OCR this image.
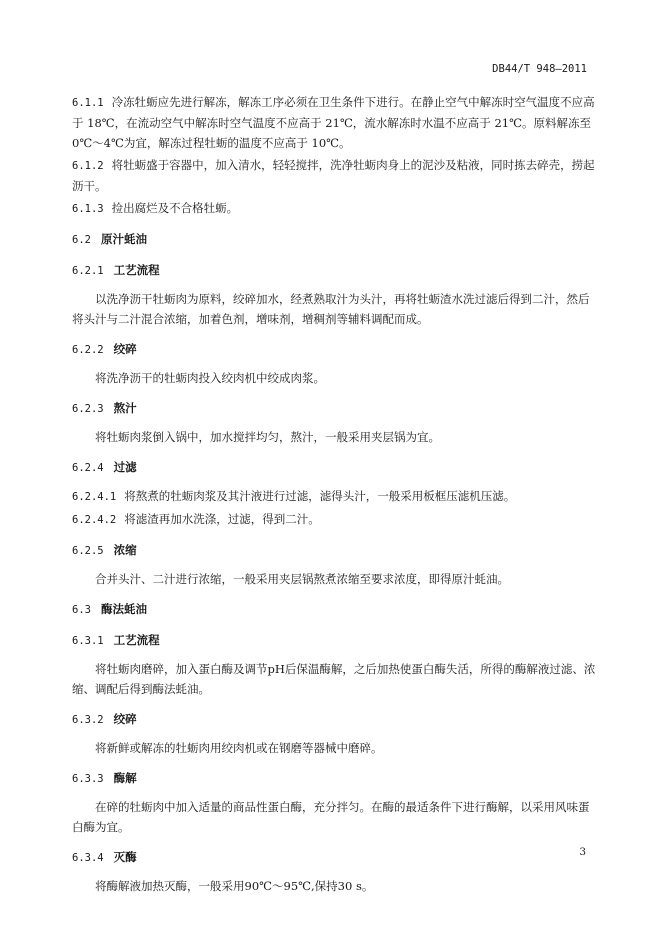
DB44/T 948—2011
6.1.1 冷冻牡蛎应先进行解冻，解冻工序必须在卫生条件下进行。在静止空气中解冻时空气温度不应高于 18℃，在流动空气中解冻时空气温度不应高于 21℃，流水解冻时水温不应高于 21℃。原料解冻至 0℃～4℃为宜，解冻过程牡蛎的温度不应高于 10℃。
6.1.2 将牡蛎盛于容器中，加入清水，轻轻搅拌，洗净牡蛎肉身上的泥沙及粘液，同时拣去碎壳，捞起沥干。
6.1.3 捡出腐烂及不合格牡蛎。
6.2 原汁蚝油
6.2.1 工艺流程
以洗净沥干牡蛎肉为原料，绞碎加水，经煮熟取汁为头汁，再将牡蛎渣水洗过滤后得到二汁，然后将头汁与二汁混合浓缩，加着色剂，增味剂，增稠剂等辅料调配而成。
6.2.2 绞碎
将洗净沥干的牡蛎肉投入绞肉机中绞成肉浆。
6.2.3 熬汁
将牡蛎肉浆倒入锅中，加水搅拌均匀，熬汁，一般采用夹层锅为宜。
6.2.4 过滤
6.2.4.1 将熬煮的牡蛎肉浆及其汁液进行过滤，滤得头汁，一般采用板框压滤机压滤。
6.2.4.2 将滤渣再加水洗涤，过滤，得到二汁。
6.2.5 浓缩
合并头汁、二汁进行浓缩，一般采用夹层锅熬煮浓缩至要求浓度，即得原汁蚝油。
6.3 酶法蚝油
6.3.1 工艺流程
将牡蛎肉磨碎，加入蛋白酶及调节pH后保温酶解，之后加热使蛋白酶失活，所得的酶解液过滤、浓缩、调配后得到酶法蚝油。
6.3.2 绞碎
将新鲜或解冻的牡蛎肉用绞肉机或在钢磨等器械中磨碎。
6.3.3 酶解
在碎的牡蛎肉中加入适量的商品性蛋白酶，充分拌匀。在酶的最适条件下进行酶解，以采用风味蛋白酶为宜。
6.3.4 灭酶
将酶解液加热灭酶，一般采用90℃～95℃,保持30 s。
3
